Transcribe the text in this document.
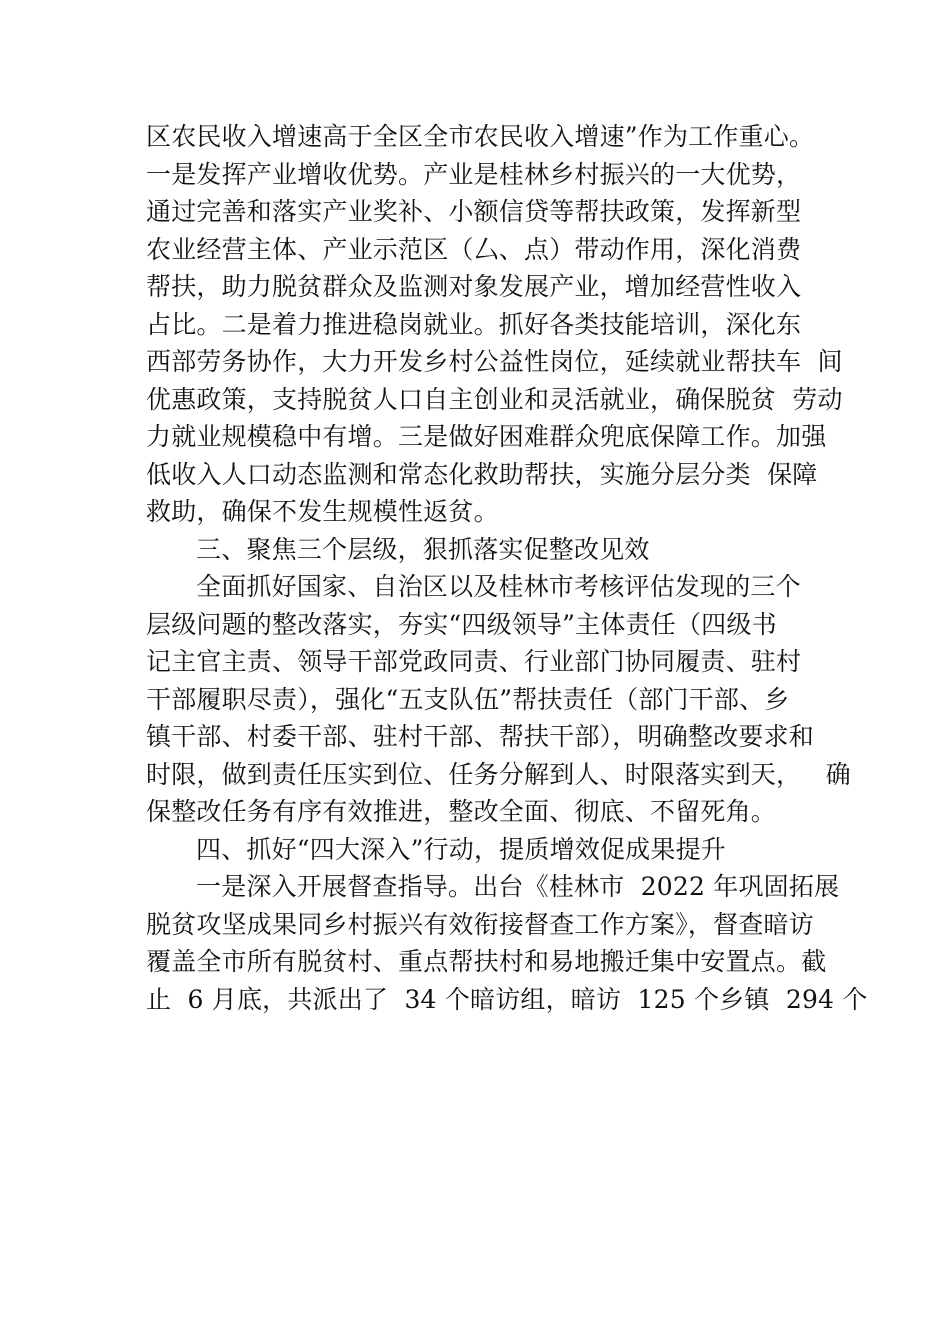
区农民收入增速高于全区全市农民收入增速”作为工作重心。
一是发挥产业增收优势。产业是桂林乡村振兴的一大优势，
通过完善和落实产业奖补、小额信贷等帮扶政策，发挥新型
农业经营主体、产业示范区（⼛、点）带动作用，深化消费
帮扶，助力脱贫群众及监测对象发展产业，增加经营性收入
占比。二是着力推进稳岗就业。抓好各类技能培训，深化东
西部劳务协作，大力开发乡村公益性岗位，延续就业帮扶车  间
优惠政策，支持脱贫人口自主创业和灵活就业，确保脱贫  劳动
力就业规模稳中有增。三是做好困难群众兜底保障工作。加强
低收入人口动态监测和常态化救助帮扶，实施分层分类  保障
救助，确保不发生规模性返贫。
三、聚焦三个层级，狠抓落实促整改见效
全面抓好国家、自治区以及桂林市考核评估发现的三个
层级问题的整改落实，夯实“四级领导”主体责任（四级书
记主官主责、领导干部党政同责、行业部门协同履责、驻村
干部履职尽责），强化“五支队伍”帮扶责任（部门干部、乡
镇干部、村委干部、驻村干部、帮扶干部），明确整改要求和
时限，做到责任压实到位、任务分解到人、时限落实到天，   确
保整改任务有序有效推进，整改全面、彻底、不留死角。
四、抓好“四大深入”行动，提质增效促成果提升
一是深入开展督查指导。出台《桂林市  2022 年巩固拓展
脱贫攻坚成果同乡村振兴有效衔接督查工作方案》，督查暗访
覆盖全市所有脱贫村、重点帮扶村和易地搬迁集中安置点。截
止  6 月底，共派出了  34 个暗访组，暗访  125 个乡镇  294 个
